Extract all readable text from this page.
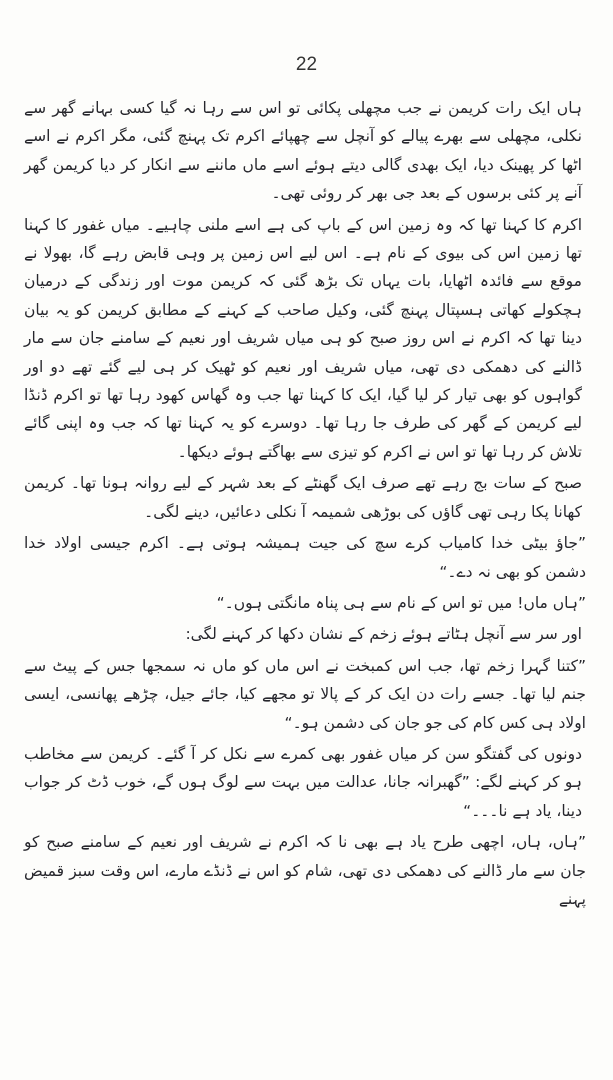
22

ہاں ایک رات کریمن نے جب مچھلی پکائی تو اس سے رہا نہ گیا کسی بہانے گھر سے نکلی، مچھلی سے بھرے پیالے کو آنچل سے چھپائے اکرم تک پہنچ گئی، مگر اکرم نے اسے اٹھا کر پھینک دیا، ایک بھدی گالی دیتے ہوئے اسے ماں ماننے سے انکار کر دیا کریمن گھر آنے پر کئی برسوں کے بعد جی بھر کر روئی تھی۔

اکرم کا کہنا تھا کہ وہ زمین اس کے باپ کی ہے اسے ملنی چاہیے۔ میاں غفور کا کہنا تھا زمین اس کی بیوی کے نام ہے۔ اس لیے اس زمین پر وہی قابض رہے گا، بھولا نے موقع سے فائدہ اٹھایا، بات یہاں تک بڑھ گئی کہ کریمن موت اور زندگی کے درمیان ہچکولے کھاتی ہسپتال پہنچ گئی، وکیل صاحب کے کہنے کے مطابق کریمن کو یہ بیان دینا تھا کہ اکرم نے اس روز صبح کو ہی میاں شریف اور نعیم کے سامنے جان سے مار ڈالنے کی دھمکی دی تھی، میاں شریف اور نعیم کو ٹھیک کر ہی لیے گئے تھے دو اور گواہوں کو بھی تیار کر لیا گیا، ایک کا کہنا تھا جب وہ گھاس کھود رہا تھا تو اکرم ڈنڈا لیے کریمن کے گھر کی طرف جا رہا تھا۔ دوسرے کو یہ کہنا تھا کہ جب وہ اپنی گائے تلاش کر رہا تھا تو اس نے اکرم کو تیزی سے بھاگتے ہوئے دیکھا۔

صبح کے سات بج رہے تھے صرف ایک گھنٹے کے بعد شہر کے لیے روانہ ہونا تھا۔ کریمن کھانا پکا رہی تھی گاؤں کی بوڑھی شمیمہ آ نکلی دعائیں، دینے لگی۔

”جاؤ بیٹی خدا کامیاب کرے سچ کی جیت ہمیشہ ہوتی ہے۔ اکرم جیسی اولاد خدا دشمن کو بھی نہ دے۔“

”ہاں ماں! میں تو اس کے نام سے ہی پناہ مانگتی ہوں۔“

اور سر سے آنچل ہٹاتے ہوئے زخم کے نشان دکھا کر کہنے لگی:

”کتنا گہرا زخم تھا، جب اس کمبخت نے اس ماں کو ماں نہ سمجھا جس کے پیٹ سے جنم لیا تھا۔ جسے رات دن ایک کر کے پالا تو مجھے کیا، جائے جیل، چڑھے پھانسی، ایسی اولاد ہی کس کام کی جو جان کی دشمن ہو۔“

دونوں کی گفتگو سن کر میاں غفور بھی کمرے سے نکل کر آ گئے۔ کریمن سے مخاطب ہو کر کہنے لگے: ”گھبرانہ جانا، عدالت میں بہت سے لوگ ہوں گے، خوب ڈٹ کر جواب دینا، یاد ہے نا۔۔۔“

”ہاں، ہاں، اچھی طرح یاد ہے بھی نا کہ اکرم نے شریف اور نعیم کے سامنے صبح کو جان سے مار ڈالنے کی دھمکی دی تھی، شام کو اس نے ڈنڈے مارے، اس وقت سبز قمیض پہنے
